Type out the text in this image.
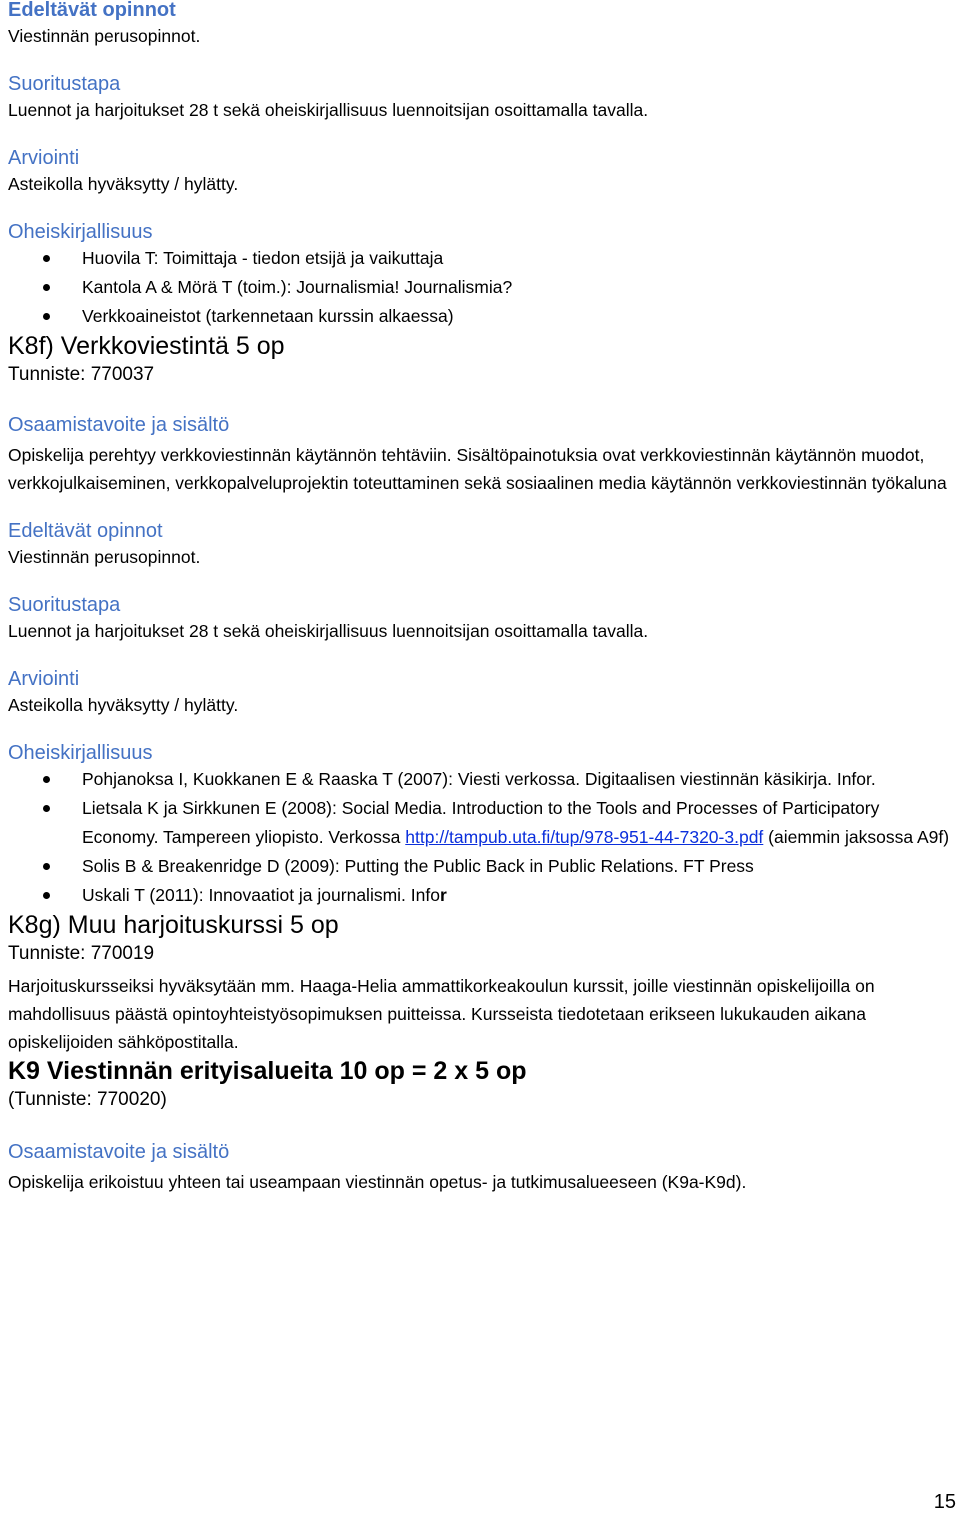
Edeltävät opinnot

Viestinnän perusopinnot.

Suoritustapa

Luennot ja harjoitukset 28 t sekä oheiskirjallisuus luennoitsijan osoittamalla tavalla.

Arviointi

Asteikolla hyväksytty / hylätty.

Oheiskirjallisuus
Huovila T: Toimittaja - tiedon etsijä ja vaikuttaja
Kantola A & Mörä T (toim.): Journalismia! Journalismia?
Verkkoaineistot (tarkennetaan kurssin alkaessa)
K8f) Verkkoviestintä 5 op

Tunniste: 770037

Osaamistavoite ja sisältö

Opiskelija perehtyy verkkoviestinnän käytännön tehtäviin. Sisältöpainotuksia ovat verkkoviestinnän käytännön muodot, verkkojulkaiseminen, verkkopalveluprojektin toteuttaminen sekä sosiaalinen media käytännön verkkoviestinnän työkaluna

Edeltävät opinnot

Viestinnän perusopinnot.

Suoritustapa

Luennot ja harjoitukset 28 t sekä oheiskirjallisuus luennoitsijan osoittamalla tavalla.

Arviointi

Asteikolla hyväksytty / hylätty.

Oheiskirjallisuus
Pohjanoksa I, Kuokkanen E & Raaska T (2007): Viesti verkossa. Digitaalisen viestinnän käsikirja. Infor.
Lietsala K ja Sirkkunen E (2008): Social Media. Introduction to the Tools and Processes of Participatory Economy. Tampereen yliopisto. Verkossa http://tampub.uta.fi/tup/978-951-44-7320-3.pdf (aiemmin jaksossa A9f)
Solis B & Breakenridge D (2009): Putting the Public Back in Public Relations. FT Press
Uskali T (2011): Innovaatiot ja journalismi. Infor
K8g) Muu harjoituskurssi 5 op

Tunniste: 770019

Harjoituskursseiksi hyväksytään mm. Haaga-Helia ammattikorkeakoulun kurssit, joille viestinnän opiskelijoilla on mahdollisuus päästä opintoyhteistyösopimuksen puitteissa. Kursseista tiedotetaan erikseen lukukauden aikana opiskelijoiden sähköpostitalla.

K9 Viestinnän erityisalueita 10 op = 2 x 5 op

(Tunniste: 770020)

Osaamistavoite ja sisältö

Opiskelija erikoistuu yhteen tai useampaan viestinnän opetus- ja tutkimusalueeseen (K9a-K9d).

15
